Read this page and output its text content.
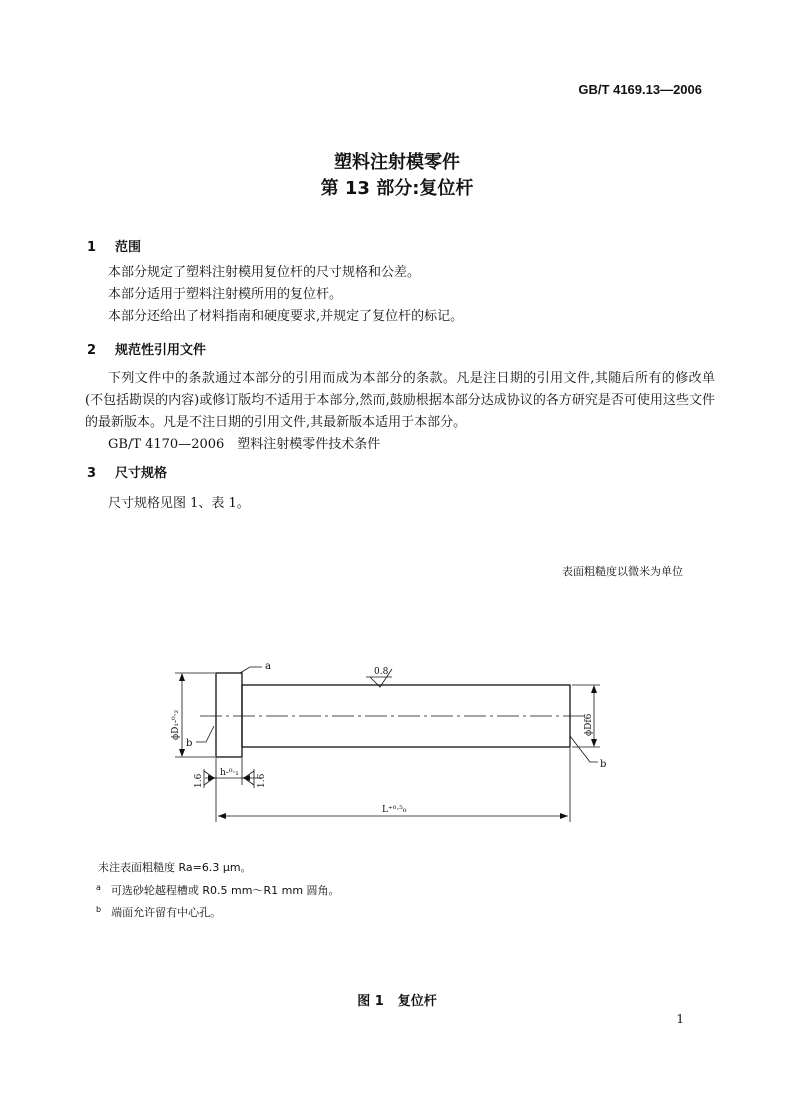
GB/T 4169.13—2006
塑料注射模零件
第 13 部分:复位杆
1 范围
本部分规定了塑料注射模用复位杆的尺寸规格和公差。
本部分适用于塑料注射模所用的复位杆。
本部分还给出了材料指南和硬度要求,并规定了复位杆的标记。
2 规范性引用文件

下列文件中的条款通过本部分的引用而成为本部分的条款。凡是注日期的引用文件,其随后所有的修改单(不包括勘误的内容)或修订版均不适用于本部分,然而,鼓励根据本部分达成协议的各方研究是否可使用这些文件的最新版本。凡是不注日期的引用文件,其最新版本适用于本部分。

GB/T 4170—2006　塑料注射模零件技术条件

3 尺寸规格
尺寸规格见图 1、表 1。
表面粗糙度以微米为单位
a
b
b
0.8
ϕD₁-⁰·₂	ϕDf6
1.6	1.6
h-⁰·₁
L⁺⁰·⁵₀
未注表面粗糙度 Ra=6.3 μm。
$^a$ 可选砂轮越程槽或 R0.5 mm～R1 mm 圆角。
$^b$ 端面允许留有中心孔。
图 1 复位杆
1
